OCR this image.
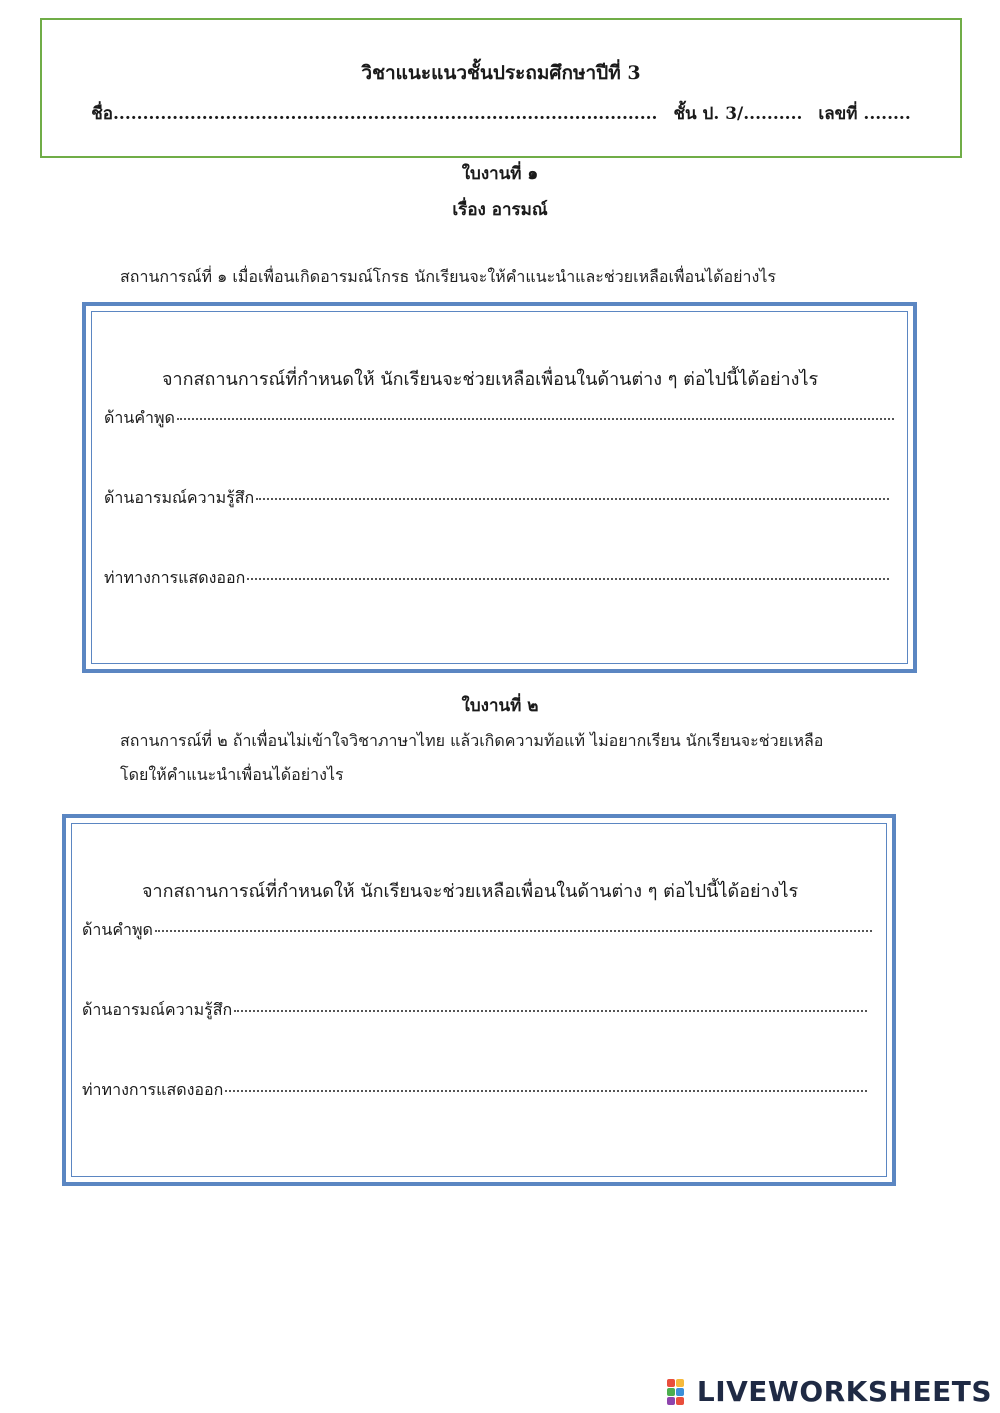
วิชาแนะแนวชั้นประถมศึกษาปีที่ 3
ชื่อ............................................................................................ ชั้น ป. 3/.......... เลขที่ ........
ใบงานที่ ๑
เรื่อง อารมณ์
สถานการณ์ที่ ๑ เมื่อเพื่อนเกิดอารมณ์โกรธ นักเรียนจะให้คำแนะนำและช่วยเหลือเพื่อนได้อย่างไร
จากสถานการณ์ที่กำหนดให้ นักเรียนจะช่วยเหลือเพื่อนในด้านต่าง ๆ ต่อไปนี้ได้อย่างไร
ด้านคำพูด
ด้านอารมณ์ความรู้สึก
ท่าทางการแสดงออก
ใบงานที่ ๒
สถานการณ์ที่ ๒ ถ้าเพื่อนไม่เข้าใจวิชาภาษาไทย แล้วเกิดความท้อแท้ ไม่อยากเรียน นักเรียนจะช่วยเหลือ
โดยให้คำแนะนำเพื่อนได้อย่างไร
จากสถานการณ์ที่กำหนดให้ นักเรียนจะช่วยเหลือเพื่อนในด้านต่าง ๆ ต่อไปนี้ได้อย่างไร
ด้านคำพูด
ด้านอารมณ์ความรู้สึก
ท่าทางการแสดงออก
LIVEWORKSHEETS
